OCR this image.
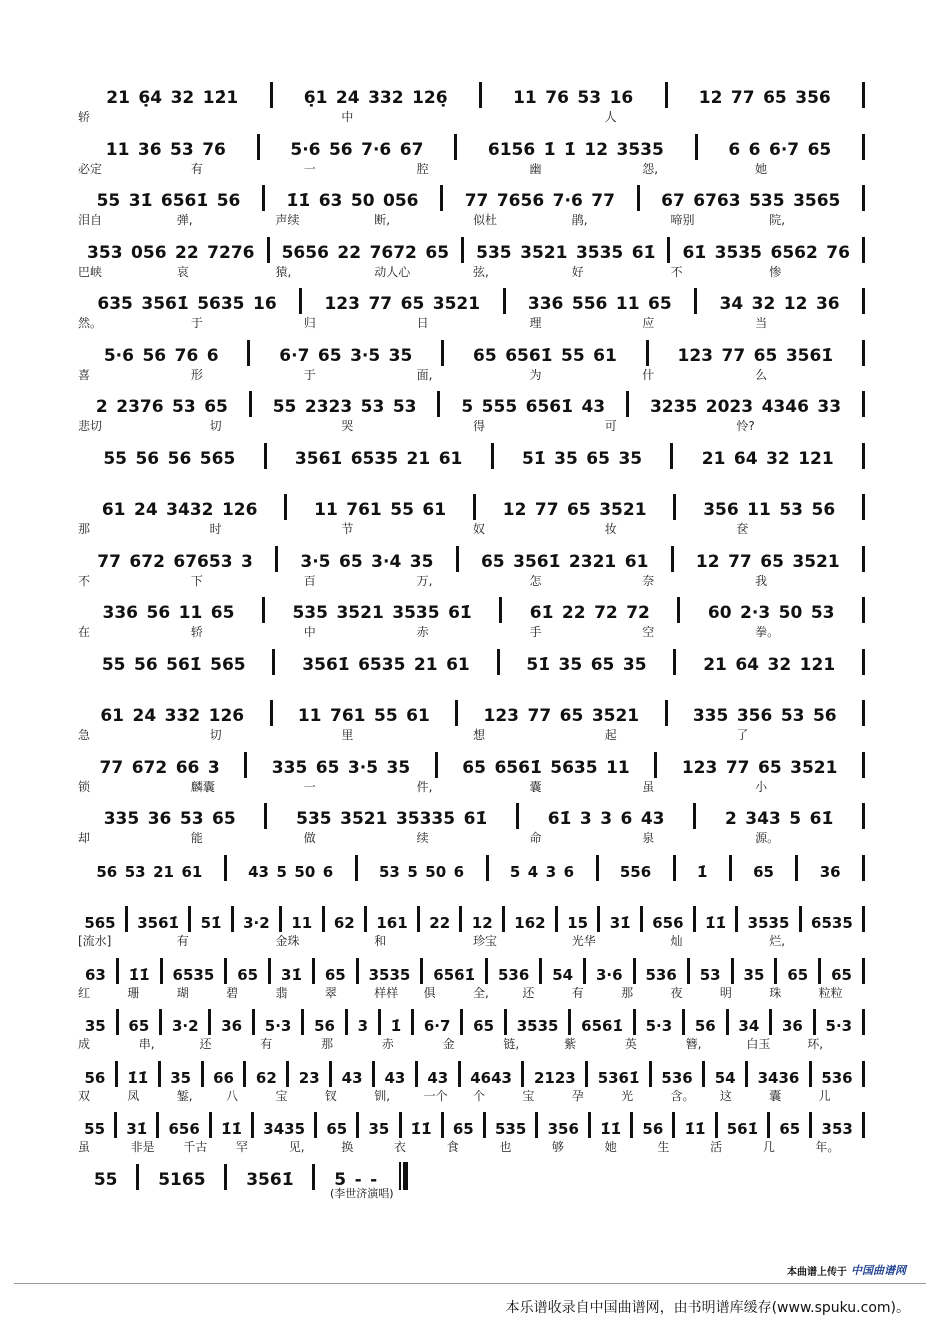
21 6̣4 32 12̇1	6̣1 24 332 126̣	11 76 53 16	12 77 65 356
轿	中	人
11 36 53 76	5·6 56 7·6 67	6156 1̇ 1̇ 12 3535	6 6 6·7 65
必定	有	一	腔	幽	怨,	她
55 31̇ 6561̇ 56	1̇1̇ 63 50 056	77 7656 7·6 77	67 6763 535 3565
泪自	弹,	声续	断,	似杜	鹃,	啼别	院,
353 056 22 7276	5656 22 7672 65	535 3521 3535 61̇	61̇ 3535 6562 76
巴峡	哀	猿,	动人心	弦,	好	不	惨
635 3561̇ 5635 16	123 77 65 3521	336 556 11 65	34 32 12 36
然。	于	归	日	理	应	当
5·6 56 76 6	6·7 65 3·5 35	65 6561̇ 55 61	123 77 65 3561̇
喜	形	于	面,	为	什	么
2 2376 53 65	55 2323 53 53	5 555 6561̇ 43	3235 2023 4346 33
悲切	切	哭	得	可	怜?
55 56 56 565	3561̇ 6535 21 61	51̇ 35 65 35	21 64 32 121
61 24 3432 126	11 761 55 61	12 77 65 3521	356 11 53 56
那	时	节	奴	妆	奁
77 672 67653 3	3·5 65 3·4 35	65 3561̇ 2321 61	12 77 65 3521
不	下	百	万,	怎	奈	我
336 56 11 65	535 3521 3535 61̇	61̇ 22 72 72	60 2·3 50 53
在	轿	中	赤	手	空	拳。
55 56 561̇ 565	3561̇ 6535 21 61	51̇ 35 65 35	21 64 32 121
61 24 332 126	11 761 55 61	123 77 65 3521	335 356 53 56
急	切	里	想	起	了
77 672 66 3	335 65 3·5 35	65 6561̇ 5635 11	123 77 65 3521
锁	麟囊	一	件,	囊	虽	小
335 36 53 65	535 3521 35335 61̇	61̇ 3 3 6 43	2 343 5 61̇
却	能	做	续	命	泉	源。
56 53 21 61	43 5 50 6	53 5 50 6	5 4 3 6	556	1̇	65	36
565	3561̇	51̇	3·2	11	62	161	22	12	162	15	31̇	656	1̇1̇	3535	6535
[流水]	有	金珠	和	珍宝	光华	灿	烂,
63	1̇1̇	6535	65	31̇	65	3535	6561̇	536	54	3·6	536	53	35	65	65
红	珊	瑚	碧	翡	翠	样样	俱	全,	还	有	那	夜	明	珠	粒粒
35	65	3·2	36	5·3	56	3	1̇	6·7	65	3535	6561̇	5·3	56	34	36	5·3
成	串,	还	有	那	赤	金	链,	紫	英	簪,	白玉	环,
56	1̇1̇	35	66	62	23	43	43	43	4643	2123	5361̇	536	54	3436	536
双	凤	錾,	八	宝	钗	钏,	一个	个	宝	孕	光	含。	这	囊	儿
55	31̇	656	1̇1̇	3435	65	35	1̇1̇	65	535	356	1̇1̇	56	1̇1̇	561̇	65	353
虽	非是	千古	罕	见,	换	衣	食	也	够	她	生	活	几	年。
55	5165	3561̇	5 - -
(李世济演唱)
本曲谱上传于 中国曲谱网
本乐谱收录自中国曲谱网，由书明谱库缓存(www.spuku.com)。
